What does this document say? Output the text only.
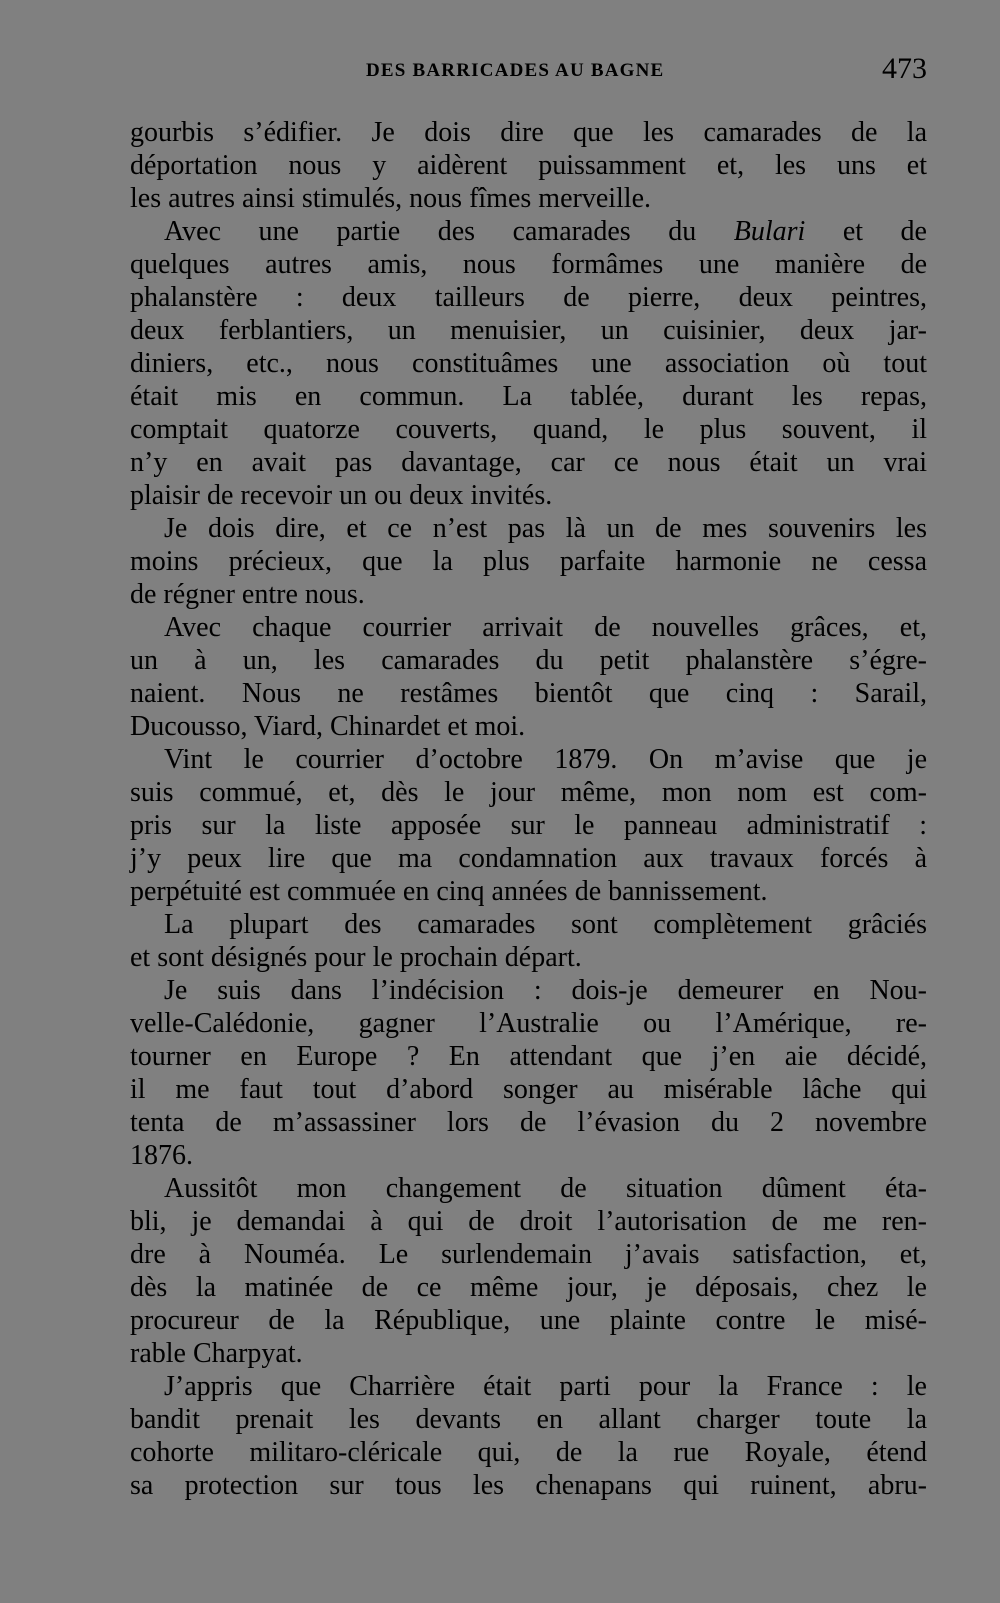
DES BARRICADES AU BAGNE	473
gourbis s’édifier. Je dois dire que les camarades de la
déportation nous y aidèrent puissamment et, les uns et
les autres ainsi stimulés, nous fîmes merveille.
Avec une partie des camarades du Bulari et de
quelques autres amis, nous formâmes une manière de
phalanstère : deux tailleurs de pierre, deux peintres,
deux ferblantiers, un menuisier, un cuisinier, deux jar-
diniers, etc., nous constituâmes une association où tout
était mis en commun. La tablée, durant les repas,
comptait quatorze couverts, quand, le plus souvent, il
n’y en avait pas davantage, car ce nous était un vrai
plaisir de recevoir un ou deux invités.
Je dois dire, et ce n’est pas là un de mes souvenirs les
moins précieux, que la plus parfaite harmonie ne cessa
de régner entre nous.
Avec chaque courrier arrivait de nouvelles grâces, et,
un à un, les camarades du petit phalanstère s’égre-
naient. Nous ne restâmes bientôt que cinq : Sarail,
Ducousso, Viard, Chinardet et moi.
Vint le courrier d’octobre 1879. On m’avise que je
suis commué, et, dès le jour même, mon nom est com-
pris sur la liste apposée sur le panneau administratif :
j’y peux lire que ma condamnation aux travaux forcés à
perpétuité est commuée en cinq années de bannissement.
La plupart des camarades sont complètement grâciés
et sont désignés pour le prochain départ.
Je suis dans l’indécision : dois-je demeurer en Nou-
velle-Calédonie, gagner l’Australie ou l’Amérique, re-
tourner en Europe ? En attendant que j’en aie décidé,
il me faut tout d’abord songer au misérable lâche qui
tenta de m’assassiner lors de l’évasion du 2 novembre
1876.
Aussitôt mon changement de situation dûment éta-
bli, je demandai à qui de droit l’autorisation de me ren-
dre à Nouméa. Le surlendemain j’avais satisfaction, et,
dès la matinée de ce même jour, je déposais, chez le
procureur de la République, une plainte contre le misé-
rable Charpyat.
J’appris que Charrière était parti pour la France : le
bandit prenait les devants en allant charger toute la
cohorte militaro-cléricale qui, de la rue Royale, étend
sa protection sur tous les chenapans qui ruinent, abru-
